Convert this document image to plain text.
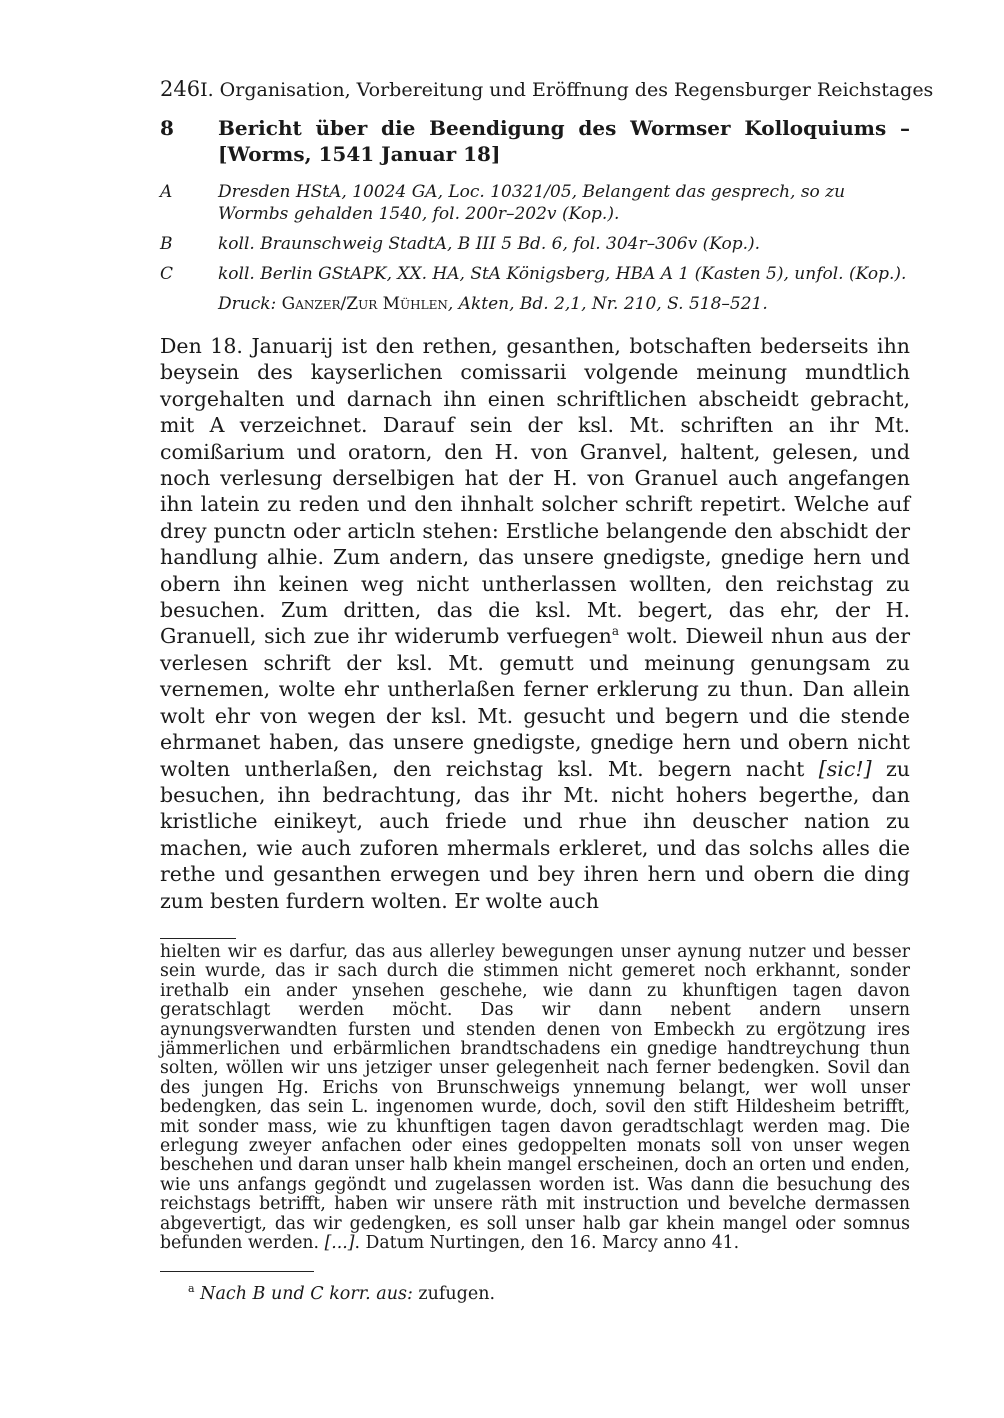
246 I. Organisation, Vorbereitung und Eröffnung des Regensburger Reichstages
8	Bericht über die Beendigung des Wormser Kolloquiums – [Worms, 1541 Januar 18]
A	Dresden HStA, 10024 GA, Loc. 10321/05, Belangent das gesprech, so zu Wormbs gehalden 1540, fol. 200r–202v (Kop.).
B	koll. Braunschweig StadtA, B III 5 Bd. 6, fol. 304r–306v (Kop.).
C	koll. Berlin GStAPK, XX. HA, StA Königsberg, HBA A 1 (Kasten 5), unfol. (Kop.).
Druck: Ganzer/Zur Mühlen, Akten, Bd. 2,1, Nr. 210, S. 518–521.

Den 18. Januarij ist den rethen, gesanthen, botschaften bederseits ihn beysein des kayserlichen comissarii volgende meinung mundtlich vorgehalten und darnach ihn einen schriftlichen abscheidt gebracht, mit A verzeichnet. Darauf sein der ksl. Mt. schriften an ihr Mt. comißarium und oratorn, den H. von Granvel, haltent, gelesen, und noch verlesung derselbigen hat der H. von Granuel auch angefangen ihn latein zu reden und den ihnhalt solcher schrift repetirt. Welche auf drey punctn oder articln stehen: Erstliche belangende den abschidt der handlung alhie. Zum andern, das unsere gnedigste, gnedige hern und obern ihn keinen weg nicht untherlassen wollten, den reichstag zu besuchen. Zum dritten, das die ksl. Mt. begert, das ehr, der H. Granuell, sich zue ihr widerumb verfuegen$^a$ wolt. Dieweil nhun aus der verlesen schrift der ksl. Mt. gemutt und meinung genungsam zu vernemen, wolte ehr untherlaßen ferner erklerung zu thun. Dan allein wolt ehr von wegen der ksl. Mt. gesucht und begern und die stende ehrmanet haben, das unsere gnedigste, gnedige hern und obern nicht wolten untherlaßen, den reichstag ksl. Mt. begern nacht [sic!] zu besuchen, ihn bedrachtung, das ihr Mt. nicht hohers begerthe, dan kristliche einikeyt, auch friede und rhue ihn deuscher nation zu machen, wie auch zuforen mhermals erkleret, und das solchs alles die rethe und gesanthen erwegen und bey ihren hern und obern die ding zum besten furdern wolten. Er wolte auch

hielten wir es darfur, das aus allerley bewegungen unser aynung nutzer und besser sein wurde, das ir sach durch die stimmen nicht gemeret noch erkhannt, sonder irethalb ein ander ynsehen geschehe, wie dann zu khunftigen tagen davon geratschlagt werden möcht. Das wir dann nebent andern unsern aynungsverwandten fursten und stenden denen von Embeckh zu ergötzung ires jämmerlichen und erbärmlichen brandtschadens ein gnedige handtreychung thun solten, wöllen wir uns jetziger unser gelegenheit nach ferner bedengken. Sovil dan des jungen Hg. Erichs von Brunschweigs ynnemung belangt, wer woll unser bedengken, das sein L. ingenomen wurde, doch, sovil den stift Hildesheim betrifft, mit sonder mass, wie zu khunftigen tagen davon geradtschlagt werden mag. Die erlegung zweyer anfachen oder eines gedoppelten monats soll von unser wegen beschehen und daran unser halb khein mangel erscheinen, doch an orten und enden, wie uns anfangs gegöndt und zugelassen worden ist. Was dann die besuchung des reichstags betrifft, haben wir unsere räth mit instruction und bevelche dermassen abgevertigt, das wir gedengken, es soll unser halb gar khein mangel oder somnus befunden werden. [...]. Datum Nurtingen, den 16. Marcy anno 41.

$^a$ Nach B und C korr. aus: zufugen.
